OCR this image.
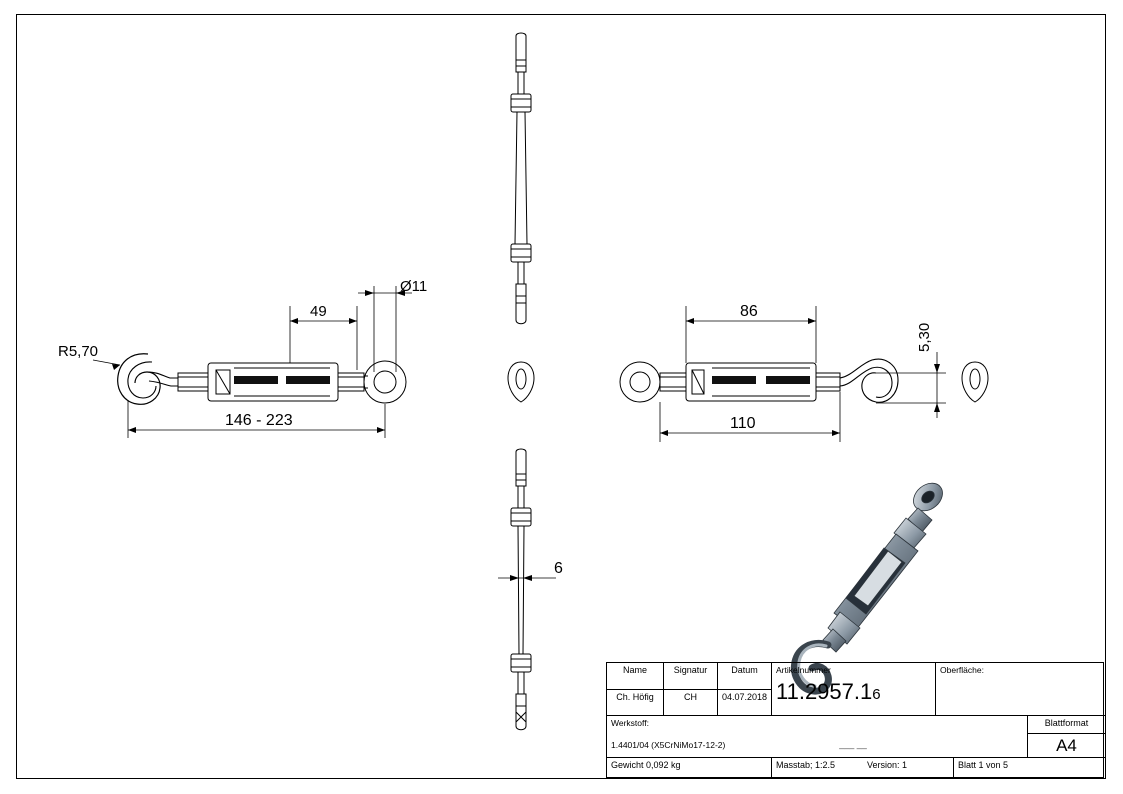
Ø11
49
R5,70
146 - 223
86
110
5,30
6
Name	Signatur	Datum
Ch. Höfig	CH	04.07.2018
Artikelnummer
11.2957.16
Oberfläche:
Werkstoff:
1.4401/04 (X5CrNiMo17-12-2)
Blattformat
A4
___ __
Gewicht 0,092 kg	Masstab; 1:2.5	Version: 1	Blatt 1 von 5
